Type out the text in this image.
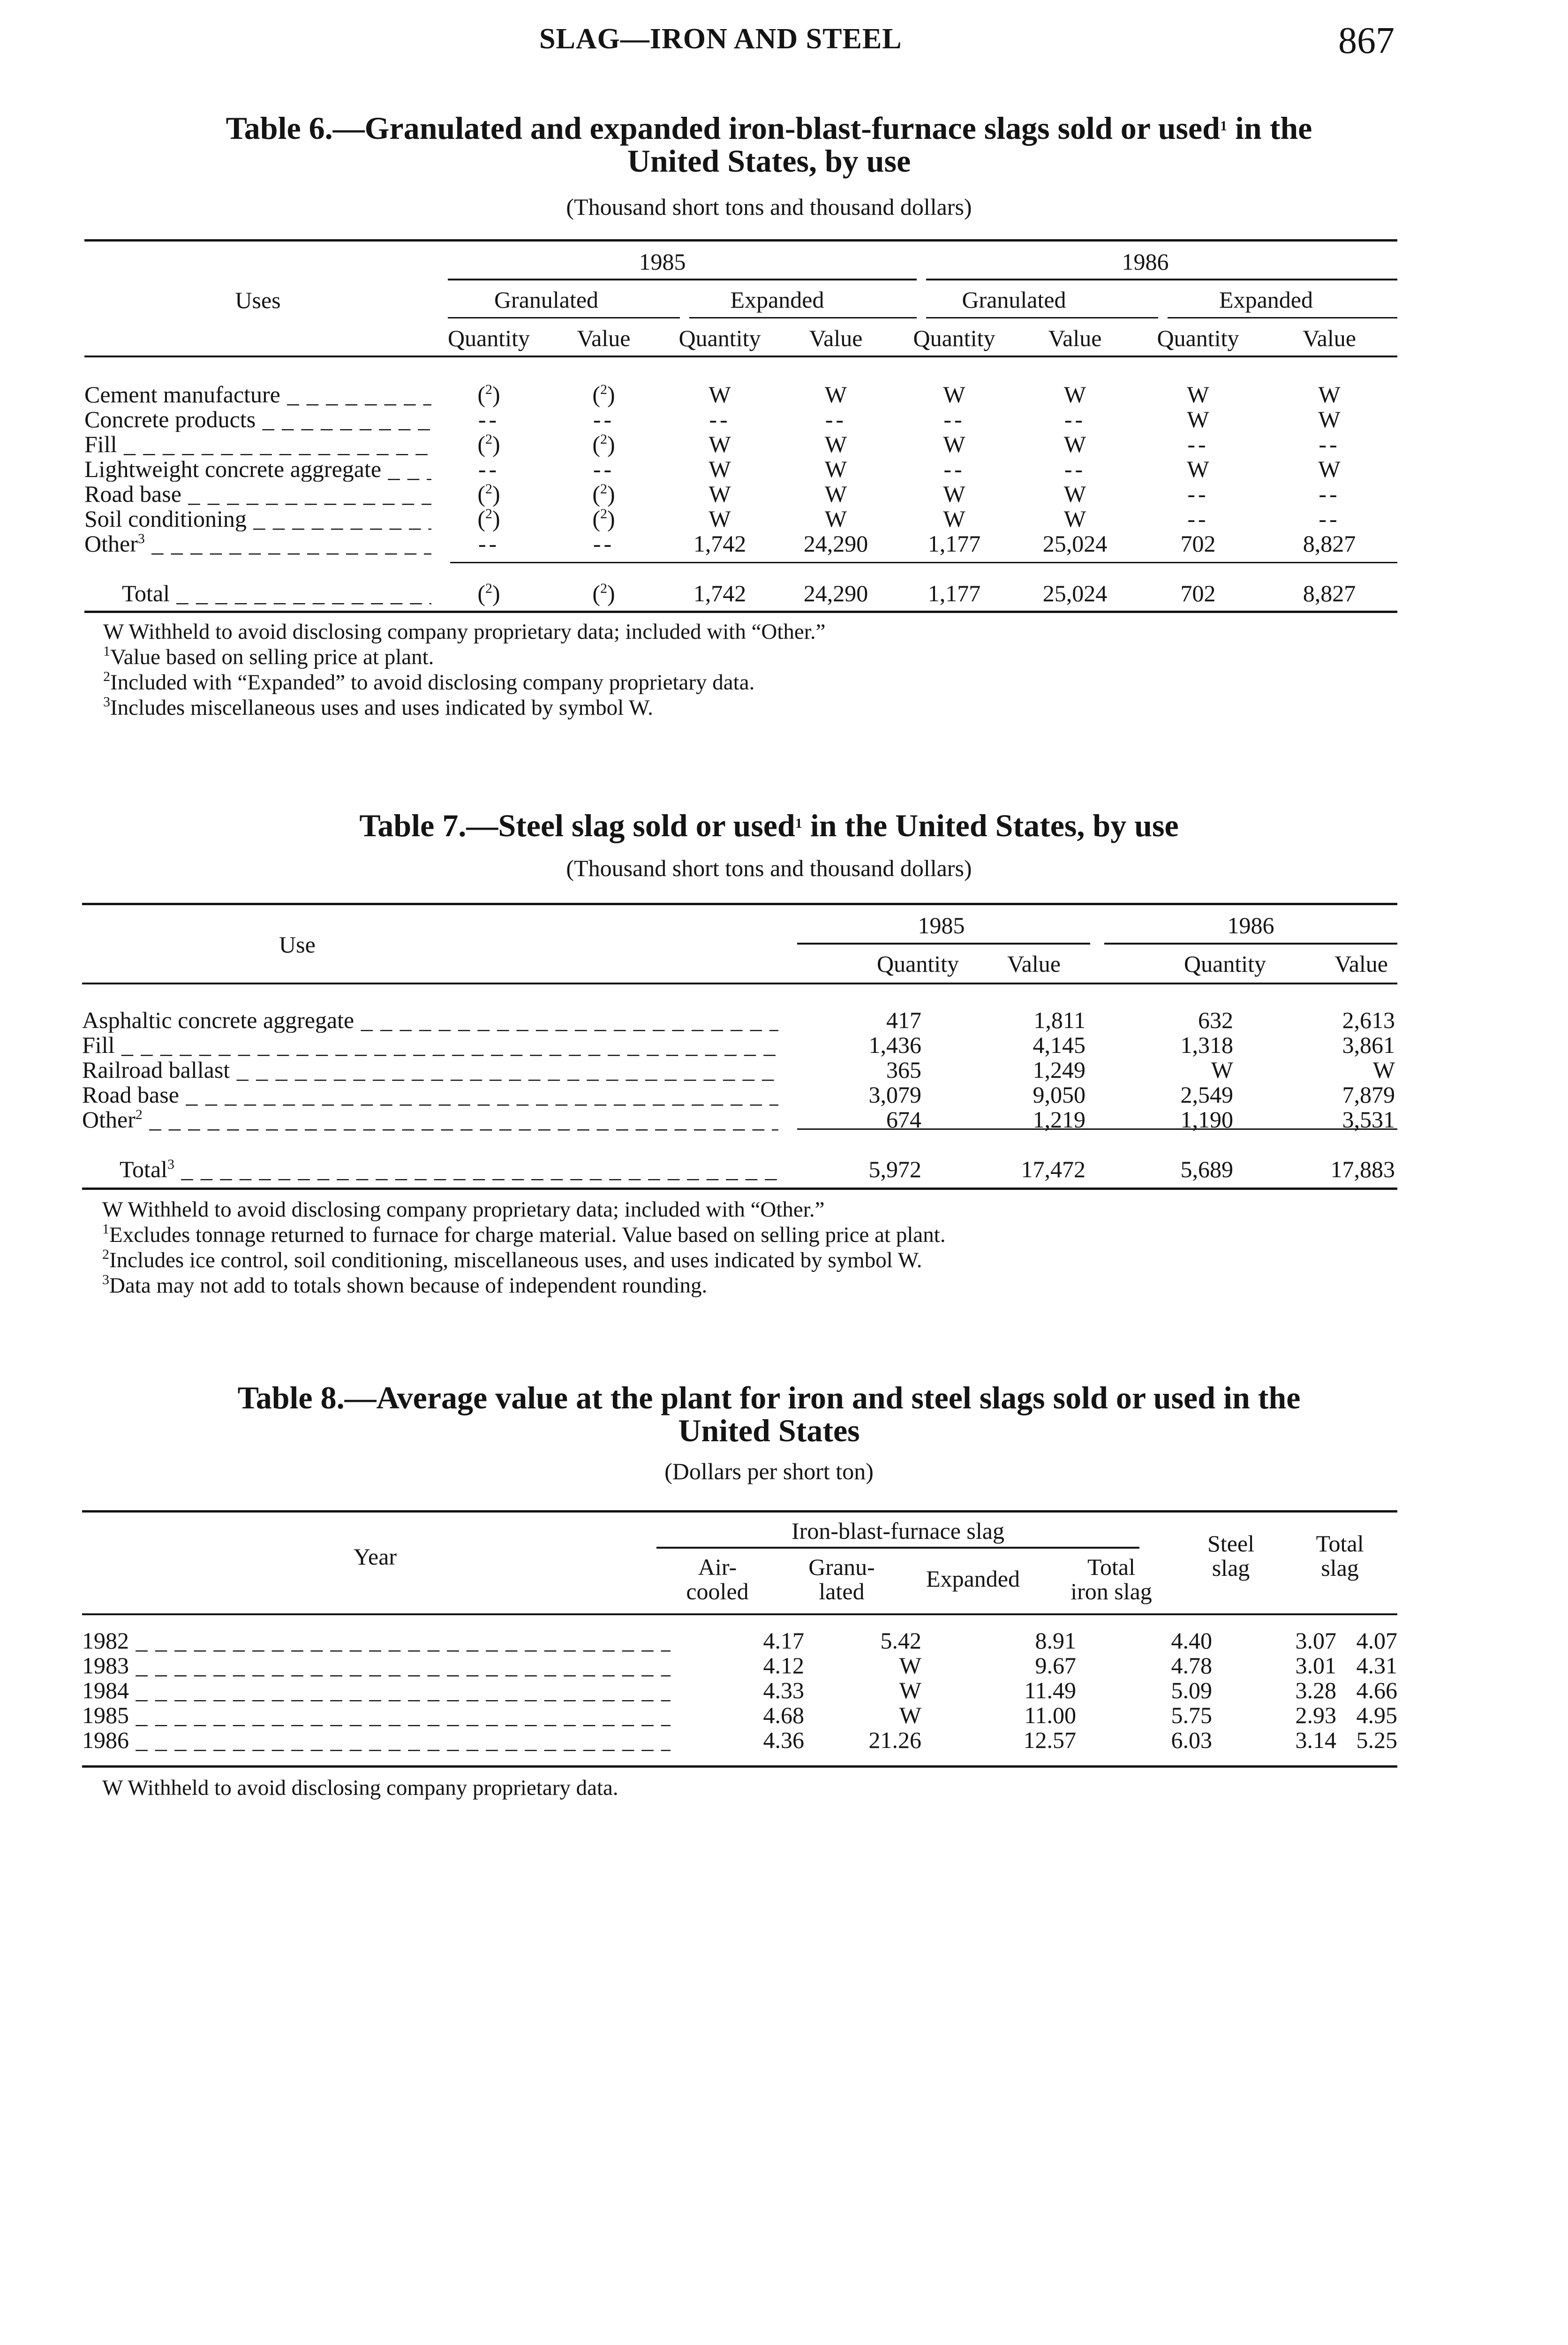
SLAG—IRON AND STEEL	867
Table 6.—Granulated and expanded iron-blast-furnace slags sold or used$^1$ in the
United States, by use
(Thousand short tons and thousand dollars)
Uses	1985				1986			
	Granulated		Expanded		Granulated		Expanded	
	Quantity	Value	Quantity	Value	Quantity	Value	Quantity	Value

Cement manufacture _ _ _	($^2$)	($^2$)	W	W	W	W	W	W
Concrete products _ _ _	--	--	--	--	--	--	W	W
Fill _ _ _	($^2$)	($^2$)	W	W	W	W	--	--
Lightweight concrete aggregate _ _ _	--	--	W	W	--	--	W	W
Road base _ _ _	($^2$)	($^2$)	W	W	W	W	--	--
Soil conditioning _ _ _	($^2$)	($^2$)	W	W	W	W	--	--
Other$^3$ _ _ _	--	--	1,742	24,290	1,177	25,024	702	8,827

Total _ _ _	($^2$)	($^2$)	1,742	24,290	1,177	25,024	702	8,827
W Withheld to avoid disclosing company proprietary data; included with “Other.”
$^1$Value based on selling price at plant.
$^2$Included with “Expanded” to avoid disclosing company proprietary data.
$^3$Includes miscellaneous uses and uses indicated by symbol W.
Table 7.—Steel slag sold or used$^1$ in the United States, by use
(Thousand short tons and thousand dollars)
Use	1985		1986	
	Quantity	Value	Quantity	Value

Asphaltic concrete aggregate _ _ _	417	1,811	632	2,613
Fill _ _ _	1,436	4,145	1,318	3,861
Railroad ballast _ _ _	365	1,249	W	W
Road base _ _ _	3,079	9,050	2,549	7,879
Other$^2$ _ _ _	674	1,219	1,190	3,531

Total$^3$ _ _ _	5,972	17,472	5,689	17,883
W Withheld to avoid disclosing company proprietary data; included with “Other.”
$^1$Excludes tonnage returned to furnace for charge material. Value based on selling price at plant.
$^2$Includes ice control, soil conditioning, miscellaneous uses, and uses indicated by symbol W.
$^3$Data may not add to totals shown because of independent rounding.
Table 8.—Average value at the plant for iron and steel slags sold or used in the
United States
(Dollars per short ton)
Iron-blast-furnace slag
Year	Air-
cooled
Granu-
lated	Expanded	Total
iron slag
Steel
slag
Total
slag
1982 _ _ _	4.17	5.42	8.91	4.40	3.07	4.07
1983 _ _ _	4.12	W	9.67	4.78	3.01	4.31
1984 _ _ _	4.33	W	11.49	5.09	3.28	4.66
1985 _ _ _	4.68	W	11.00	5.75	2.93	4.95
1986 _ _ _	4.36	21.26	12.57	6.03	3.14	5.25
W Withheld to avoid disclosing company proprietary data.
